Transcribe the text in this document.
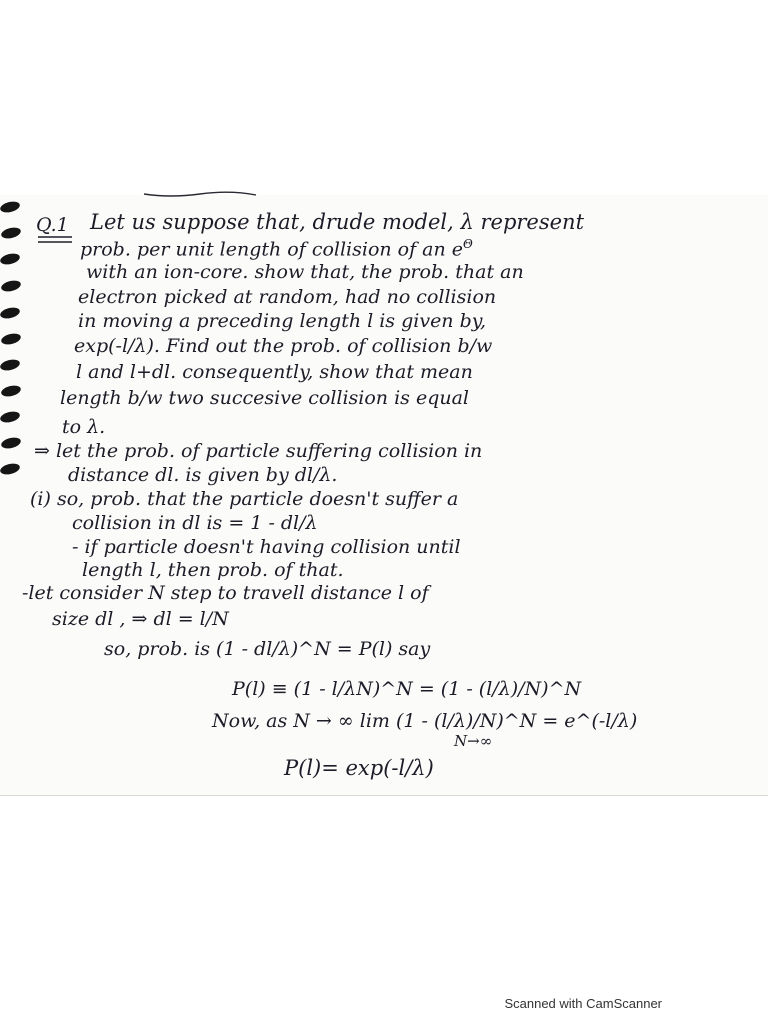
Q.1 Let us suppose that, drude model, λ represent
prob. per unit length of collision of an $e^\Theta$
with an ion-core. show that, the prob. that an
electron picked at random, had no collision
in moving a preceding length l is given by,
exp(-l/λ). Find out the prob. of collision b/w
l and l+dl. consequently, show that mean
length b/w two succesive collision is equal
to λ.
⇒ let the prob. of particle suffering collision in
distance dl. is given by dl/λ.
(i) so, prob. that the particle doesn't suffer a
collision in dl is = 1 - dl/λ
- if particle doesn't having collision until
length l, then prob. of that.
-let consider N step to travell distance l of
size dl , ⇒ dl = l/N
so, prob. is (1 - dl/λ)^N = P(l) say
P(l) ≡ (1 - l/λN)^N = (1 - (l/λ)/N)^N
Now, as N → ∞ lim (1 - (l/λ)/N)^N = e^(-l/λ)
N→∞
P(l)= exp(-l/λ)
Scanned with CamScanner
